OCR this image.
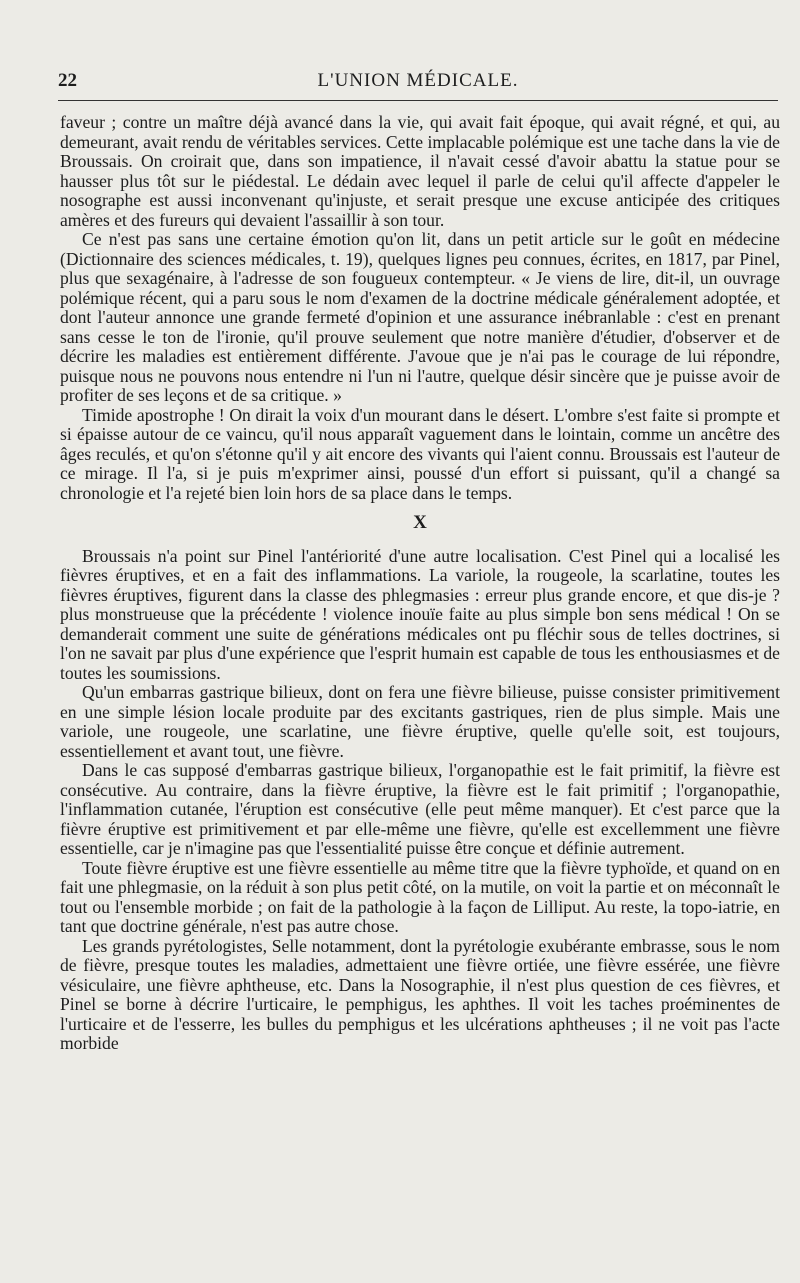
22	L'UNION MÉDICALE.

faveur ; contre un maître déjà avancé dans la vie, qui avait fait époque, qui avait régné, et qui, au demeurant, avait rendu de véritables services. Cette implacable polémique est une tache dans la vie de Broussais. On croirait que, dans son impatience, il n'avait cessé d'avoir abattu la statue pour se hausser plus tôt sur le piédestal. Le dédain avec lequel il parle de celui qu'il affecte d'appeler le nosographe est aussi inconvenant qu'injuste, et serait presque une excuse anticipée des critiques amères et des fureurs qui devaient l'assaillir à son tour.

Ce n'est pas sans une certaine émotion qu'on lit, dans un petit article sur le goût en médecine (Dictionnaire des sciences médicales, t. 19), quelques lignes peu connues, écrites, en 1817, par Pinel, plus que sexagénaire, à l'adresse de son fougueux contempteur. « Je viens de lire, dit-il, un ouvrage polémique récent, qui a paru sous le nom d'examen de la doctrine médicale généralement adoptée, et dont l'auteur annonce une grande fermeté d'opinion et une assurance inébranlable : c'est en prenant sans cesse le ton de l'ironie, qu'il prouve seulement que notre manière d'étudier, d'observer et de décrire les maladies est entièrement différente. J'avoue que je n'ai pas le courage de lui répondre, puisque nous ne pouvons nous entendre ni l'un ni l'autre, quelque désir sincère que je puisse avoir de profiter de ses leçons et de sa critique. »

Timide apostrophe ! On dirait la voix d'un mourant dans le désert. L'ombre s'est faite si prompte et si épaisse autour de ce vaincu, qu'il nous apparaît vaguement dans le lointain, comme un ancêtre des âges reculés, et qu'on s'étonne qu'il y ait encore des vivants qui l'aient connu. Broussais est l'auteur de ce mirage. Il l'a, si je puis m'exprimer ainsi, poussé d'un effort si puissant, qu'il a changé sa chronologie et l'a rejeté bien loin hors de sa place dans le temps.

X

Broussais n'a point sur Pinel l'antériorité d'une autre localisation. C'est Pinel qui a localisé les fièvres éruptives, et en a fait des inflammations. La variole, la rougeole, la scarlatine, toutes les fièvres éruptives, figurent dans la classe des phlegmasies : erreur plus grande encore, et que dis-je ? plus monstrueuse que la précédente ! violence inouïe faite au plus simple bon sens médical ! On se demanderait comment une suite de générations médicales ont pu fléchir sous de telles doctrines, si l'on ne savait par plus d'une expérience que l'esprit humain est capable de tous les enthousiasmes et de toutes les soumissions.

Qu'un embarras gastrique bilieux, dont on fera une fièvre bilieuse, puisse consister primitivement en une simple lésion locale produite par des excitants gastriques, rien de plus simple. Mais une variole, une rougeole, une scarlatine, une fièvre éruptive, quelle qu'elle soit, est toujours, essentiellement et avant tout, une fièvre.

Dans le cas supposé d'embarras gastrique bilieux, l'organopathie est le fait primitif, la fièvre est consécutive. Au contraire, dans la fièvre éruptive, la fièvre est le fait primitif ; l'organopathie, l'inflammation cutanée, l'éruption est consécutive (elle peut même manquer). Et c'est parce que la fièvre éruptive est primitivement et par elle-même une fièvre, qu'elle est excellemment une fièvre essentielle, car je n'imagine pas que l'essentialité puisse être conçue et définie autrement.

Toute fièvre éruptive est une fièvre essentielle au même titre que la fièvre typhoïde, et quand on en fait une phlegmasie, on la réduit à son plus petit côté, on la mutile, on voit la partie et on méconnaît le tout ou l'ensemble morbide ; on fait de la pathologie à la façon de Lilliput. Au reste, la topo-iatrie, en tant que doctrine générale, n'est pas autre chose.

Les grands pyrétologistes, Selle notamment, dont la pyrétologie exubérante embrasse, sous le nom de fièvre, presque toutes les maladies, admettaient une fièvre ortiée, une fièvre essérée, une fièvre vésiculaire, une fièvre aphtheuse, etc. Dans la Nosographie, il n'est plus question de ces fièvres, et Pinel se borne à décrire l'urticaire, le pemphigus, les aphthes. Il voit les taches proéminentes de l'urticaire et de l'esserre, les bulles du pemphigus et les ulcérations aphtheuses ; il ne voit pas l'acte morbide
